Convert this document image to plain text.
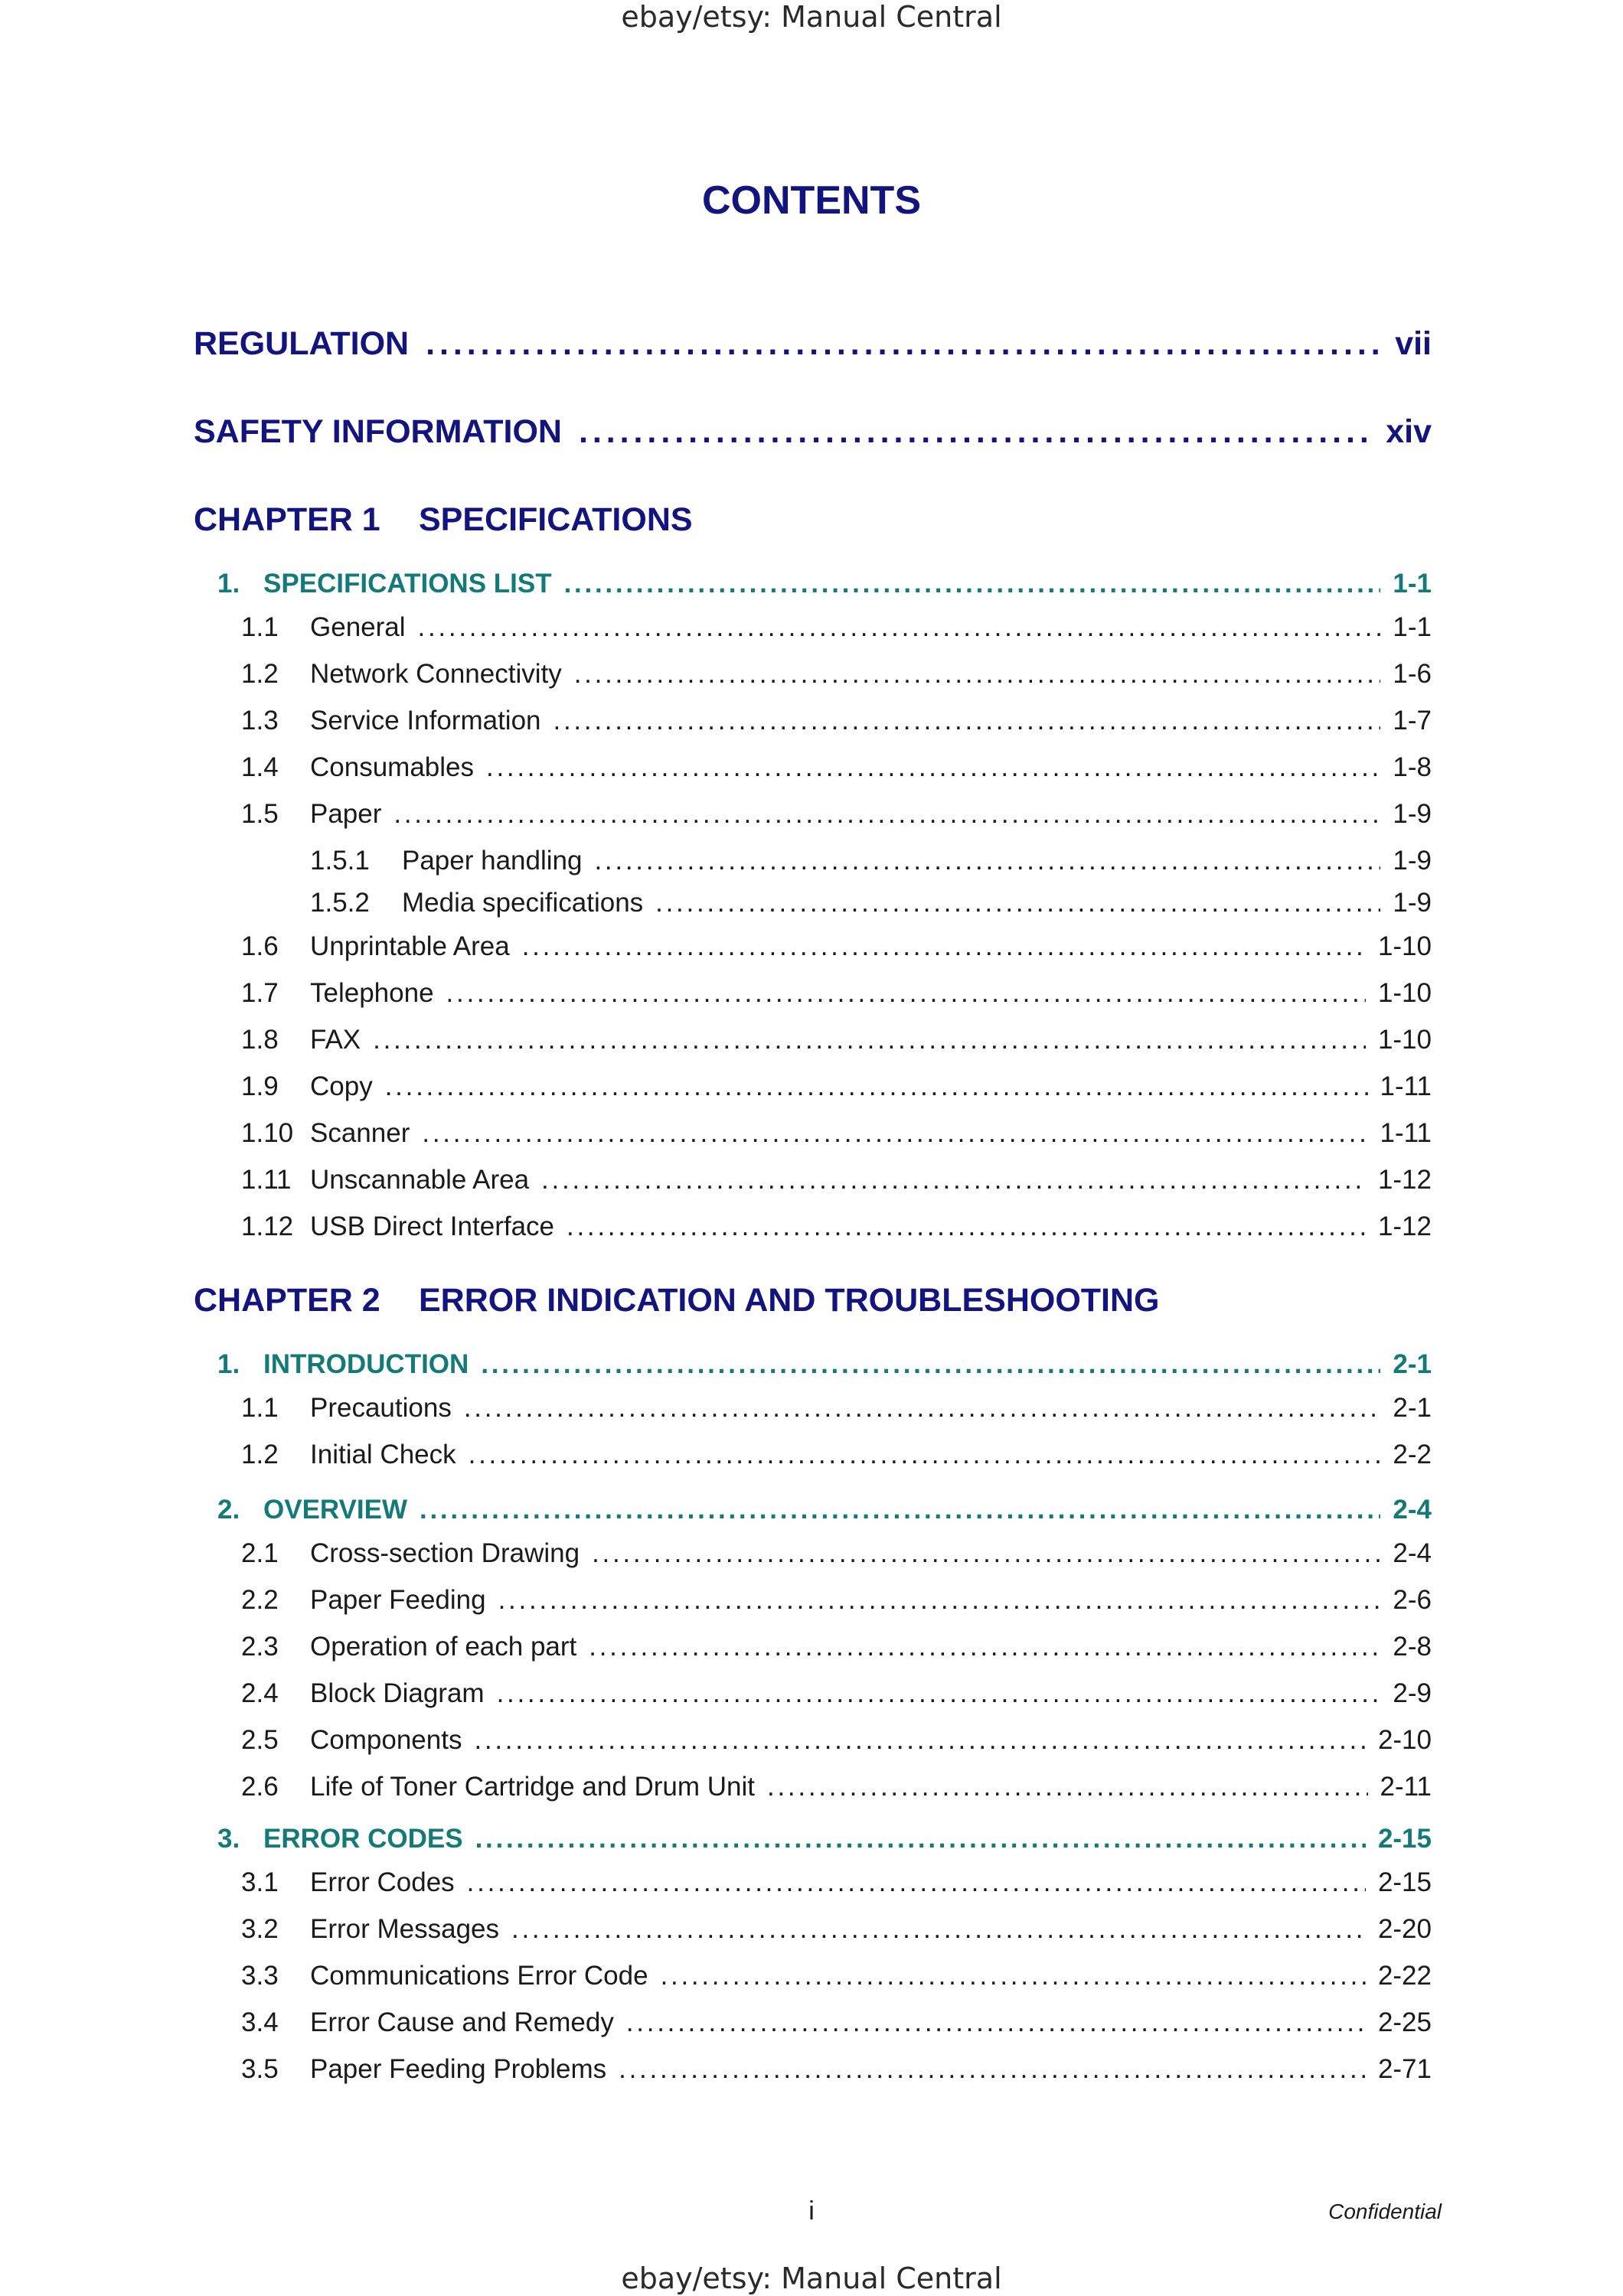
ebay/etsy: Manual Central
CONTENTS
REGULATION . . .	vii
SAFETY INFORMATION . . .	xiv
CHAPTER 1 SPECIFICATIONS
1. SPECIFICATIONS LIST . . .	1-1
1.1	General . . .	1-1
1.2	Network Connectivity . . .	1-6
1.3	Service Information . . .	1-7
1.4	Consumables . . .	1-8
1.5	Paper . . .	1-9
1.5.1	Paper handling . . .	1-9
1.5.2	Media specifications . . .	1-9
1.6	Unprintable Area . . .	1-10
1.7	Telephone . . .	1-10
1.8	FAX . . .	1-10
1.9	Copy . . .	1-11
1.10 Scanner . . .	1-11
1.11 Unscannable Area . . .	1-12
1.12 USB Direct Interface . . .	1-12
CHAPTER 2 ERROR INDICATION AND TROUBLESHOOTING
1. INTRODUCTION . . .	2-1
1.1	Precautions . . .	2-1
1.2	Initial Check . . .	2-2
2. OVERVIEW . . .	2-4
2.1	Cross-section Drawing . . .	2-4
2.2	Paper Feeding . . .	2-6
2.3	Operation of each part . . .	2-8
2.4	Block Diagram . . .	2-9
2.5	Components . . .	2-10
2.6	Life of Toner Cartridge and Drum Unit . . .	2-11
3. ERROR CODES . . .	2-15
3.1	Error Codes . . .	2-15
3.2	Error Messages . . .	2-20
3.3	Communications Error Code . . .	2-22
3.4	Error Cause and Remedy . . .	2-25
3.5	Paper Feeding Problems . . .	2-71
i	Confidential
ebay/etsy: Manual Central
